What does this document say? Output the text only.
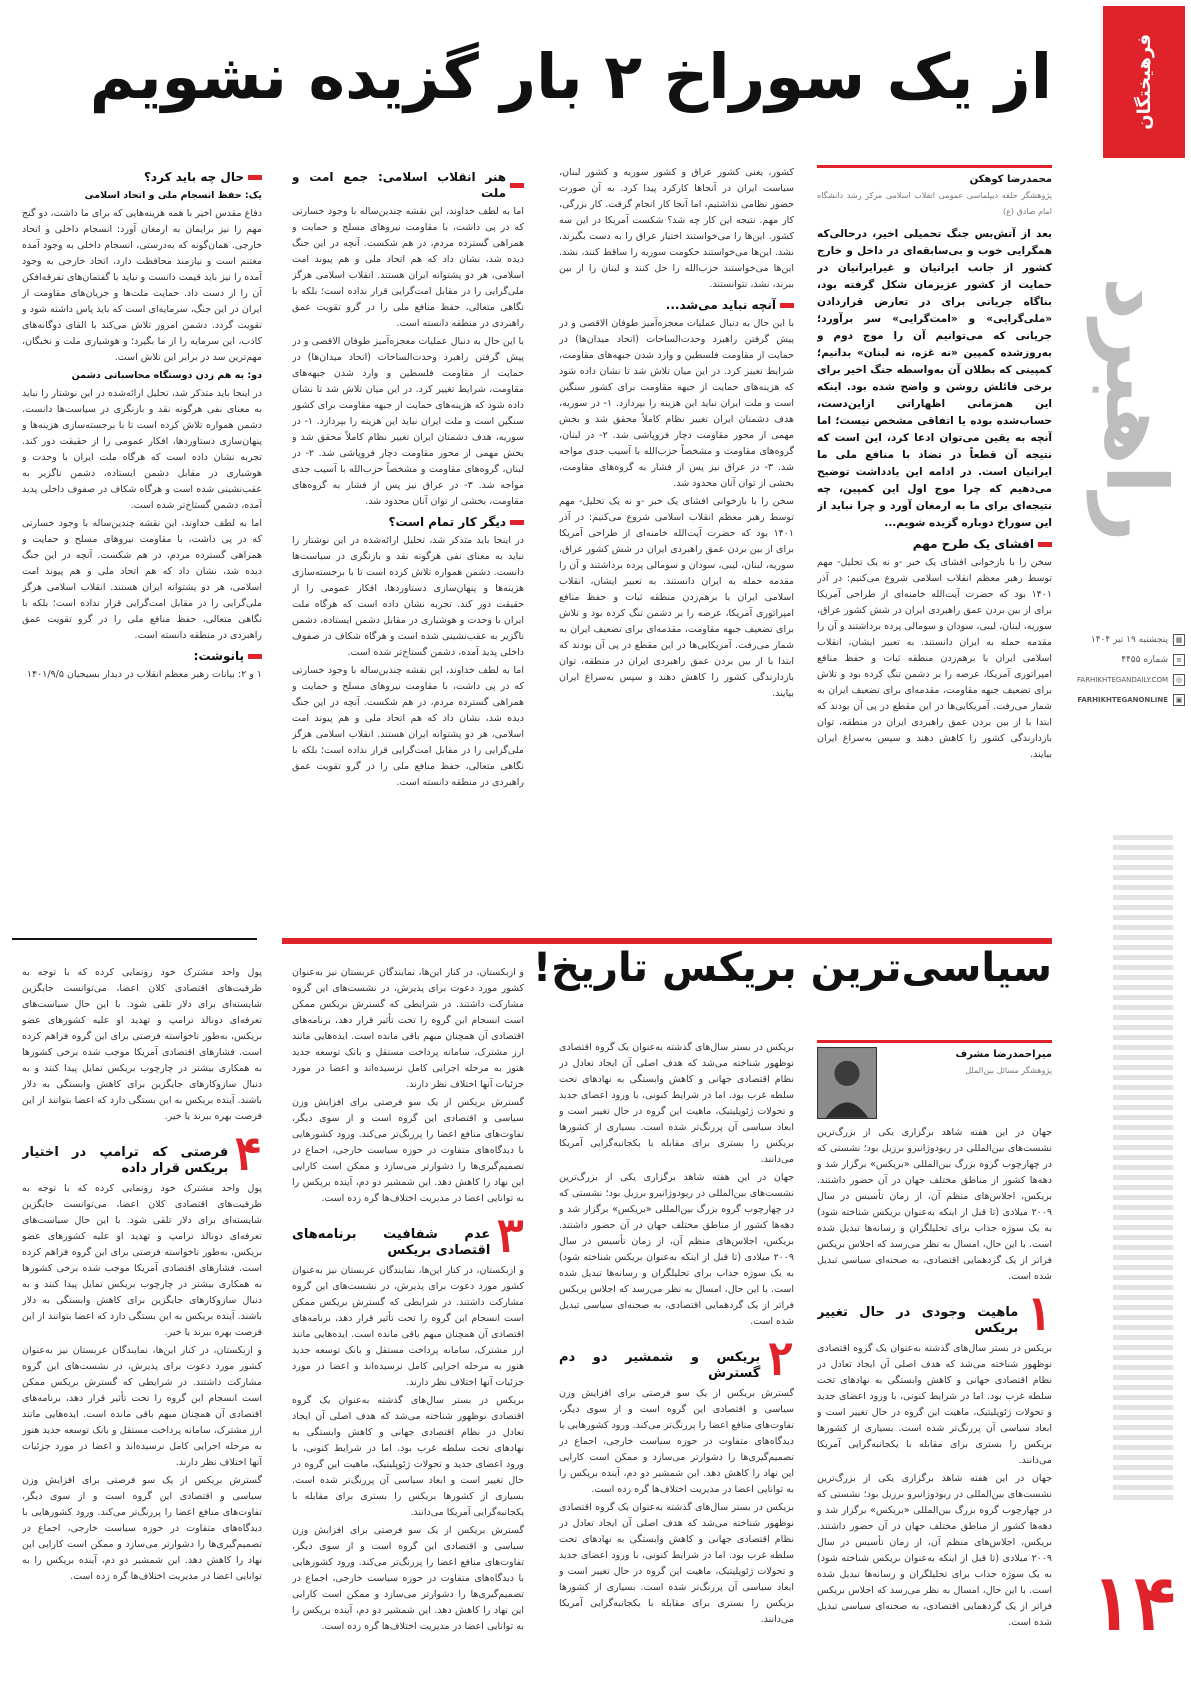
فرهیختگان
راهبرد
▦
پنجشنبه ۱۹ تیر ۱۴۰۴
≡
شماره ۴۴۵۵
◎
FARHIKHTEGANDAILY.COM
▣
FARHIKHTEGANONLINE
۱۴
از یک سوراخ ۲ بار گزیده نشویم
محمدرضا کوهکن
پژوهشگر حلقه دیپلماسی عمومی انقلاب اسلامی مرکز رشد دانشگاه امام صادق (ع)

بعد از آتش‌بس جنگ تحمیلی اخیر، درحالی‌که همگرایی خوب و بی‌سابقه‌ای در داخل و خارج کشور از جانب ایرانیان و غیرایرانیان در حمایت از کشور عزیزمان شکل گرفته بود، بناگاه جریانی برای در تعارض قراردادن «ملی‌گرایی» و «امت‌گرایی» سر برآورد؛ جریانی که می‌توانیم آن را موج دوم و به‌روزشده کمپین «نه غزه، نه لبنان» بدانیم؛ کمپینی که بطلان آن به‌واسطه جنگ اخیر برای برخی فائلش روشن و واضح شده بود. اینکه این همزمانی اظهاراتی ازاین‌دست، حساب‌شده بوده یا اتفاقی مشخص نیست؛ اما آنچه به یقین می‌توان ادعا کرد، این است که نتیجه آن قطعاً در تضاد با منافع ملی ما ایرانیان است. در ادامه این یادداشت توضیح می‌دهیم که چرا موج اول این کمپین، چه نتیجه‌ای برای ما به ارمغان آورد و چرا نباید از این سوراخ دوباره گزیده شویم...

افشای یک طرح مهم

سخن را با بازخوانی افشای یک خبر -و نه یک تحلیل- مهم توسط رهبر معظم انقلاب اسلامی شروع می‌کنیم: در آذر ۱۴۰۱ بود که حضرت آیت‌الله خامنه‌ای از طراحی آمریکا برای از بین بردن عمق راهبردی ایران در شش کشور عراق، سوریه، لبنان، لیبی، سودان و سومالی پرده برداشتند و آن را مقدمه حمله به ایران دانستند. به تعبیر ایشان، انقلاب اسلامی ایران با برهم‌زدن منطقه ثبات و حفظ منافع امپراتوری آمریکا، عرصه را بر دشمن تنگ کرده بود و تلاش برای تضعیف جبهه مقاومت، مقدمه‌ای برای تضعیف ایران به شمار می‌رفت. آمریکایی‌ها در این مقطع در پی آن بودند که ابتدا با از بین بردن عمق راهبردی ایران در منطقه، توان بازدارندگی کشور را کاهش دهند و سپس به‌سراغ ایران بیایند.

کشور، یعنی کشور عراق و کشور سوریه و کشور لبنان، سیاست ایران در آنجاها کارکرد پیدا کرد. به آن صورت حضور نظامی نداشتیم، اما آنجا کار انجام گرفت. کار بزرگی، کار مهم. نتیجه این کار چه شد؟ شکست آمریکا در این سه کشور. این‌ها را می‌خواستند اختیار عراق را به دست بگیرند، نشد. این‌ها می‌خواستند حکومت سوریه را ساقط کنند، نشد. این‌ها می‌خواستند حزب‌الله را حل کنند و لبنان را از بین ببرند، نشد، نتوانستند.

آنچه نباید می‌شد...

با این حال به دنبال عملیات معجزه‌آمیز طوفان الاقصی و در پیش گرفتن راهبرد وحدت‌الساحات (اتحاد میدان‌ها) در حمایت از مقاومت فلسطین و وارد شدن جبهه‌های مقاومت، شرایط تغییر کرد. در این میان تلاش شد تا نشان داده شود که هزینه‌های حمایت از جبهه مقاومت برای کشور سنگین است و ملت ایران نباید این هزینه را بپردازد. ۱- در سوریه، هدف دشمنان ایران تغییر نظام کاملاً محقق شد و بخش مهمی از محور مقاومت دچار فروپاشی شد. ۲- در لبنان، گروه‌های مقاومت و مشخصاً حزب‌الله با آسیب جدی مواجه شد. ۳- در عراق نیز پس از فشار به گروه‌های مقاومت، بخشی از توان آنان محدود شد.

سخن را با بازخوانی افشای یک خبر -و نه یک تحلیل- مهم توسط رهبر معظم انقلاب اسلامی شروع می‌کنیم: در آذر ۱۴۰۱ بود که حضرت آیت‌الله خامنه‌ای از طراحی آمریکا برای از بین بردن عمق راهبردی ایران در شش کشور عراق، سوریه، لبنان، لیبی، سودان و سومالی پرده برداشتند و آن را مقدمه حمله به ایران دانستند. به تعبیر ایشان، انقلاب اسلامی ایران با برهم‌زدن منطقه ثبات و حفظ منافع امپراتوری آمریکا، عرصه را بر دشمن تنگ کرده بود و تلاش برای تضعیف جبهه مقاومت، مقدمه‌ای برای تضعیف ایران به شمار می‌رفت. آمریکایی‌ها در این مقطع در پی آن بودند که ابتدا با از بین بردن عمق راهبردی ایران در منطقه، توان بازدارندگی کشور را کاهش دهند و سپس به‌سراغ ایران بیایند.

هنر انقلاب اسلامی: جمع امت و ملت

اما به لطف خداوند، این نقشه چندین‌ساله با وجود خسارتی که در پی داشت، با مقاومت نیروهای مسلح و حمایت و همراهی گسترده مردم، در هم شکست. آنچه در این جنگ دیده شد، نشان داد که هم اتحاد ملی و هم پیوند امت اسلامی، هر دو پشتوانه ایران هستند. انقلاب اسلامی هرگز ملی‌گرایی را در مقابل امت‌گرایی قرار نداده است؛ بلکه با نگاهی متعالی، حفظ منافع ملی را در گرو تقویت عمق راهبردی در منطقه دانسته است.

با این حال به دنبال عملیات معجزه‌آمیز طوفان الاقصی و در پیش گرفتن راهبرد وحدت‌الساحات (اتحاد میدان‌ها) در حمایت از مقاومت فلسطین و وارد شدن جبهه‌های مقاومت، شرایط تغییر کرد. در این میان تلاش شد تا نشان داده شود که هزینه‌های حمایت از جبهه مقاومت برای کشور سنگین است و ملت ایران نباید این هزینه را بپردازد. ۱- در سوریه، هدف دشمنان ایران تغییر نظام کاملاً محقق شد و بخش مهمی از محور مقاومت دچار فروپاشی شد. ۲- در لبنان، گروه‌های مقاومت و مشخصاً حزب‌الله با آسیب جدی مواجه شد. ۳- در عراق نیز پس از فشار به گروه‌های مقاومت، بخشی از توان آنان محدود شد.

دیگر کار تمام است؟

در اینجا باید متذکر شد، تحلیل ارائه‌شده در این نوشتار را نباید به معنای نفی هرگونه نقد و بازنگری در سیاست‌ها دانست. دشمن همواره تلاش کرده است تا با برجسته‌سازی هزینه‌ها و پنهان‌سازی دستاوردها، افکار عمومی را از حقیقت دور کند. تجربه نشان داده است که هرگاه ملت ایران با وحدت و هوشیاری در مقابل دشمن ایستاده، دشمن ناگزیر به عقب‌نشینی شده است و هرگاه شکاف در صفوف داخلی پدید آمده، دشمن گستاخ‌تر شده است.

اما به لطف خداوند، این نقشه چندین‌ساله با وجود خسارتی که در پی داشت، با مقاومت نیروهای مسلح و حمایت و همراهی گسترده مردم، در هم شکست. آنچه در این جنگ دیده شد، نشان داد که هم اتحاد ملی و هم پیوند امت اسلامی، هر دو پشتوانه ایران هستند. انقلاب اسلامی هرگز ملی‌گرایی را در مقابل امت‌گرایی قرار نداده است؛ بلکه با نگاهی متعالی، حفظ منافع ملی را در گرو تقویت عمق راهبردی در منطقه دانسته است.

حال چه باید کرد؟

یک: حفظ انسجام ملی و اتحاد اسلامی

دفاع مقدس اخیر با همه هزینه‌هایی که برای ما داشت، دو گنج مهم را نیز برایمان به ارمغان آورد: انسجام داخلی و اتحاد خارجی. همان‌گونه که به‌درستی، انسجام داخلی به وجود آمده مغتنم است و نیازمند محافظت دارد، اتحاد خارجی به وجود آمده را نیز باید قیمت دانست و نباید با گفتمان‌های تفرقه‌افکن آن را از دست داد. حمایت ملت‌ها و جریان‌های مقاومت از ایران در این جنگ، سرمایه‌ای است که باید پاس داشته شود و تقویت گردد. دشمن امروز تلاش می‌کند با القای دوگانه‌های کاذب، این سرمایه را از ما بگیرد؛ و هوشیاری ملت و نخبگان، مهم‌ترین سد در برابر این تلاش است.

دو: به هم زدن دوستگاه محاسباتی دشمن

در اینجا باید متذکر شد، تحلیل ارائه‌شده در این نوشتار را نباید به معنای نفی هرگونه نقد و بازنگری در سیاست‌ها دانست. دشمن همواره تلاش کرده است تا با برجسته‌سازی هزینه‌ها و پنهان‌سازی دستاوردها، افکار عمومی را از حقیقت دور کند. تجربه نشان داده است که هرگاه ملت ایران با وحدت و هوشیاری در مقابل دشمن ایستاده، دشمن ناگزیر به عقب‌نشینی شده است و هرگاه شکاف در صفوف داخلی پدید آمده، دشمن گستاخ‌تر شده است.

اما به لطف خداوند، این نقشه چندین‌ساله با وجود خسارتی که در پی داشت، با مقاومت نیروهای مسلح و حمایت و همراهی گسترده مردم، در هم شکست. آنچه در این جنگ دیده شد، نشان داد که هم اتحاد ملی و هم پیوند امت اسلامی، هر دو پشتوانه ایران هستند. انقلاب اسلامی هرگز ملی‌گرایی را در مقابل امت‌گرایی قرار نداده است؛ بلکه با نگاهی متعالی، حفظ منافع ملی را در گرو تقویت عمق راهبردی در منطقه دانسته است.

پانوشت:

۱ و ۲: بیانات رهبر معظم انقلاب در دیدار بسیجیان ۱۴۰۱/۹/۵

سیاسی‌ترین بریکس تاریخ!
میراحمدرضا مشرف
پژوهشگر مسائل بین‌الملل

جهان در این هفته شاهد برگزاری یکی از بزرگ‌ترین نشست‌های بین‌المللی در ریودوژانیرو برزیل بود؛ نشستی که در چهارچوب گروه بزرگ بین‌المللی «بریکس» برگزار شد و دهه‌ها کشور از مناطق مختلف جهان در آن حضور داشتند. بریکس، اجلاس‌های منظم آن، از زمان تأسیس در سال ۲۰۰۹ میلادی (تا قبل از اینکه به‌عنوان بریکس شناخته شود) به یک سوژه جذاب برای تحلیلگران و رسانه‌ها تبدیل شده است. با این حال، امسال به نظر می‌رسد که اجلاس بریکس فراتر از یک گردهمایی اقتصادی، به صحنه‌ای سیاسی تبدیل شده است.

۱
ماهیت وجودی در حال تغییر بریکس

بریکس در بستر سال‌های گذشته به‌عنوان یک گروه اقتصادی نوظهور شناخته می‌شد که هدف اصلی آن ایجاد تعادل در نظام اقتصادی جهانی و کاهش وابستگی به نهادهای تحت سلطه غرب بود. اما در شرایط کنونی، با ورود اعضای جدید و تحولات ژئوپلیتیک، ماهیت این گروه در حال تغییر است و ابعاد سیاسی آن پررنگ‌تر شده است. بسیاری از کشورها بریکس را بستری برای مقابله با یکجانبه‌گرایی آمریکا می‌دانند.

جهان در این هفته شاهد برگزاری یکی از بزرگ‌ترین نشست‌های بین‌المللی در ریودوژانیرو برزیل بود؛ نشستی که در چهارچوب گروه بزرگ بین‌المللی «بریکس» برگزار شد و دهه‌ها کشور از مناطق مختلف جهان در آن حضور داشتند. بریکس، اجلاس‌های منظم آن، از زمان تأسیس در سال ۲۰۰۹ میلادی (تا قبل از اینکه به‌عنوان بریکس شناخته شود) به یک سوژه جذاب برای تحلیلگران و رسانه‌ها تبدیل شده است. با این حال، امسال به نظر می‌رسد که اجلاس بریکس فراتر از یک گردهمایی اقتصادی، به صحنه‌ای سیاسی تبدیل شده است.

بریکس در بستر سال‌های گذشته به‌عنوان یک گروه اقتصادی نوظهور شناخته می‌شد که هدف اصلی آن ایجاد تعادل در نظام اقتصادی جهانی و کاهش وابستگی به نهادهای تحت سلطه غرب بود. اما در شرایط کنونی، با ورود اعضای جدید و تحولات ژئوپلیتیک، ماهیت این گروه در حال تغییر است و ابعاد سیاسی آن پررنگ‌تر شده است. بسیاری از کشورها بریکس را بستری برای مقابله با یکجانبه‌گرایی آمریکا می‌دانند.

جهان در این هفته شاهد برگزاری یکی از بزرگ‌ترین نشست‌های بین‌المللی در ریودوژانیرو برزیل بود؛ نشستی که در چهارچوب گروه بزرگ بین‌المللی «بریکس» برگزار شد و دهه‌ها کشور از مناطق مختلف جهان در آن حضور داشتند. بریکس، اجلاس‌های منظم آن، از زمان تأسیس در سال ۲۰۰۹ میلادی (تا قبل از اینکه به‌عنوان بریکس شناخته شود) به یک سوژه جذاب برای تحلیلگران و رسانه‌ها تبدیل شده است. با این حال، امسال به نظر می‌رسد که اجلاس بریکس فراتر از یک گردهمایی اقتصادی، به صحنه‌ای سیاسی تبدیل شده است.

۲
بریکس و شمشیر دو دم گسترش

گسترش بریکس از یک سو فرصتی برای افزایش وزن سیاسی و اقتصادی این گروه است و از سوی دیگر، تفاوت‌های منافع اعضا را پررنگ‌تر می‌کند. ورود کشورهایی با دیدگاه‌های متفاوت در حوزه سیاست خارجی، اجماع در تصمیم‌گیری‌ها را دشوارتر می‌سازد و ممکن است کارایی این نهاد را کاهش دهد. این شمشیر دو دم، آینده بریکس را به توانایی اعضا در مدیریت اختلاف‌ها گره زده است.

بریکس در بستر سال‌های گذشته به‌عنوان یک گروه اقتصادی نوظهور شناخته می‌شد که هدف اصلی آن ایجاد تعادل در نظام اقتصادی جهانی و کاهش وابستگی به نهادهای تحت سلطه غرب بود. اما در شرایط کنونی، با ورود اعضای جدید و تحولات ژئوپلیتیک، ماهیت این گروه در حال تغییر است و ابعاد سیاسی آن پررنگ‌تر شده است. بسیاری از کشورها بریکس را بستری برای مقابله با یکجانبه‌گرایی آمریکا می‌دانند.

و ازبکستان، در کنار این‌ها، نمایندگان عربستان نیز به‌عنوان کشور مورد دعوت برای پذیرش، در نشست‌های این گروه مشارکت داشتند. در شرایطی که گسترش بریکس ممکن است انسجام این گروه را تحت تأثیر قرار دهد، برنامه‌های اقتصادی آن همچنان مبهم باقی مانده است. ایده‌هایی مانند ارز مشترک، سامانه پرداخت مستقل و بانک توسعه جدید هنوز به مرحله اجرایی کامل نرسیده‌اند و اعضا در مورد جزئیات آنها اختلاف نظر دارند.

گسترش بریکس از یک سو فرصتی برای افزایش وزن سیاسی و اقتصادی این گروه است و از سوی دیگر، تفاوت‌های منافع اعضا را پررنگ‌تر می‌کند. ورود کشورهایی با دیدگاه‌های متفاوت در حوزه سیاست خارجی، اجماع در تصمیم‌گیری‌ها را دشوارتر می‌سازد و ممکن است کارایی این نهاد را کاهش دهد. این شمشیر دو دم، آینده بریکس را به توانایی اعضا در مدیریت اختلاف‌ها گره زده است.

۳
عدم شفافیت برنامه‌های اقتصادی بریکس

و ازبکستان، در کنار این‌ها، نمایندگان عربستان نیز به‌عنوان کشور مورد دعوت برای پذیرش، در نشست‌های این گروه مشارکت داشتند. در شرایطی که گسترش بریکس ممکن است انسجام این گروه را تحت تأثیر قرار دهد، برنامه‌های اقتصادی آن همچنان مبهم باقی مانده است. ایده‌هایی مانند ارز مشترک، سامانه پرداخت مستقل و بانک توسعه جدید هنوز به مرحله اجرایی کامل نرسیده‌اند و اعضا در مورد جزئیات آنها اختلاف نظر دارند.

بریکس در بستر سال‌های گذشته به‌عنوان یک گروه اقتصادی نوظهور شناخته می‌شد که هدف اصلی آن ایجاد تعادل در نظام اقتصادی جهانی و کاهش وابستگی به نهادهای تحت سلطه غرب بود. اما در شرایط کنونی، با ورود اعضای جدید و تحولات ژئوپلیتیک، ماهیت این گروه در حال تغییر است و ابعاد سیاسی آن پررنگ‌تر شده است. بسیاری از کشورها بریکس را بستری برای مقابله با یکجانبه‌گرایی آمریکا می‌دانند.

گسترش بریکس از یک سو فرصتی برای افزایش وزن سیاسی و اقتصادی این گروه است و از سوی دیگر، تفاوت‌های منافع اعضا را پررنگ‌تر می‌کند. ورود کشورهایی با دیدگاه‌های متفاوت در حوزه سیاست خارجی، اجماع در تصمیم‌گیری‌ها را دشوارتر می‌سازد و ممکن است کارایی این نهاد را کاهش دهد. این شمشیر دو دم، آینده بریکس را به توانایی اعضا در مدیریت اختلاف‌ها گره زده است.

پول واحد مشترک خود رونمایی کرده که با توجه به ظرفیت‌های اقتصادی کلان اعضا، می‌توانست جایگزین شایسته‌ای برای دلار تلقی شود. با این حال سیاست‌های تعرفه‌ای دونالد ترامپ و تهدید او علیه کشورهای عضو بریکس، به‌طور ناخواسته فرصتی برای این گروه فراهم کرده است. فشارهای اقتصادی آمریکا موجب شده برخی کشورها به همکاری بیشتر در چارچوب بریکس تمایل پیدا کنند و به دنبال سازوکارهای جایگزین برای کاهش وابستگی به دلار باشند. آینده بریکس به این بستگی دارد که اعضا بتوانند از این فرصت بهره ببرند یا خیر.

۴
فرصتی که ترامپ در اختیار بریکس قرار داده

پول واحد مشترک خود رونمایی کرده که با توجه به ظرفیت‌های اقتصادی کلان اعضا، می‌توانست جایگزین شایسته‌ای برای دلار تلقی شود. با این حال سیاست‌های تعرفه‌ای دونالد ترامپ و تهدید او علیه کشورهای عضو بریکس، به‌طور ناخواسته فرصتی برای این گروه فراهم کرده است. فشارهای اقتصادی آمریکا موجب شده برخی کشورها به همکاری بیشتر در چارچوب بریکس تمایل پیدا کنند و به دنبال سازوکارهای جایگزین برای کاهش وابستگی به دلار باشند. آینده بریکس به این بستگی دارد که اعضا بتوانند از این فرصت بهره ببرند یا خیر.

و ازبکستان، در کنار این‌ها، نمایندگان عربستان نیز به‌عنوان کشور مورد دعوت برای پذیرش، در نشست‌های این گروه مشارکت داشتند. در شرایطی که گسترش بریکس ممکن است انسجام این گروه را تحت تأثیر قرار دهد، برنامه‌های اقتصادی آن همچنان مبهم باقی مانده است. ایده‌هایی مانند ارز مشترک، سامانه پرداخت مستقل و بانک توسعه جدید هنوز به مرحله اجرایی کامل نرسیده‌اند و اعضا در مورد جزئیات آنها اختلاف نظر دارند.

گسترش بریکس از یک سو فرصتی برای افزایش وزن سیاسی و اقتصادی این گروه است و از سوی دیگر، تفاوت‌های منافع اعضا را پررنگ‌تر می‌کند. ورود کشورهایی با دیدگاه‌های متفاوت در حوزه سیاست خارجی، اجماع در تصمیم‌گیری‌ها را دشوارتر می‌سازد و ممکن است کارایی این نهاد را کاهش دهد. این شمشیر دو دم، آینده بریکس را به توانایی اعضا در مدیریت اختلاف‌ها گره زده است.
